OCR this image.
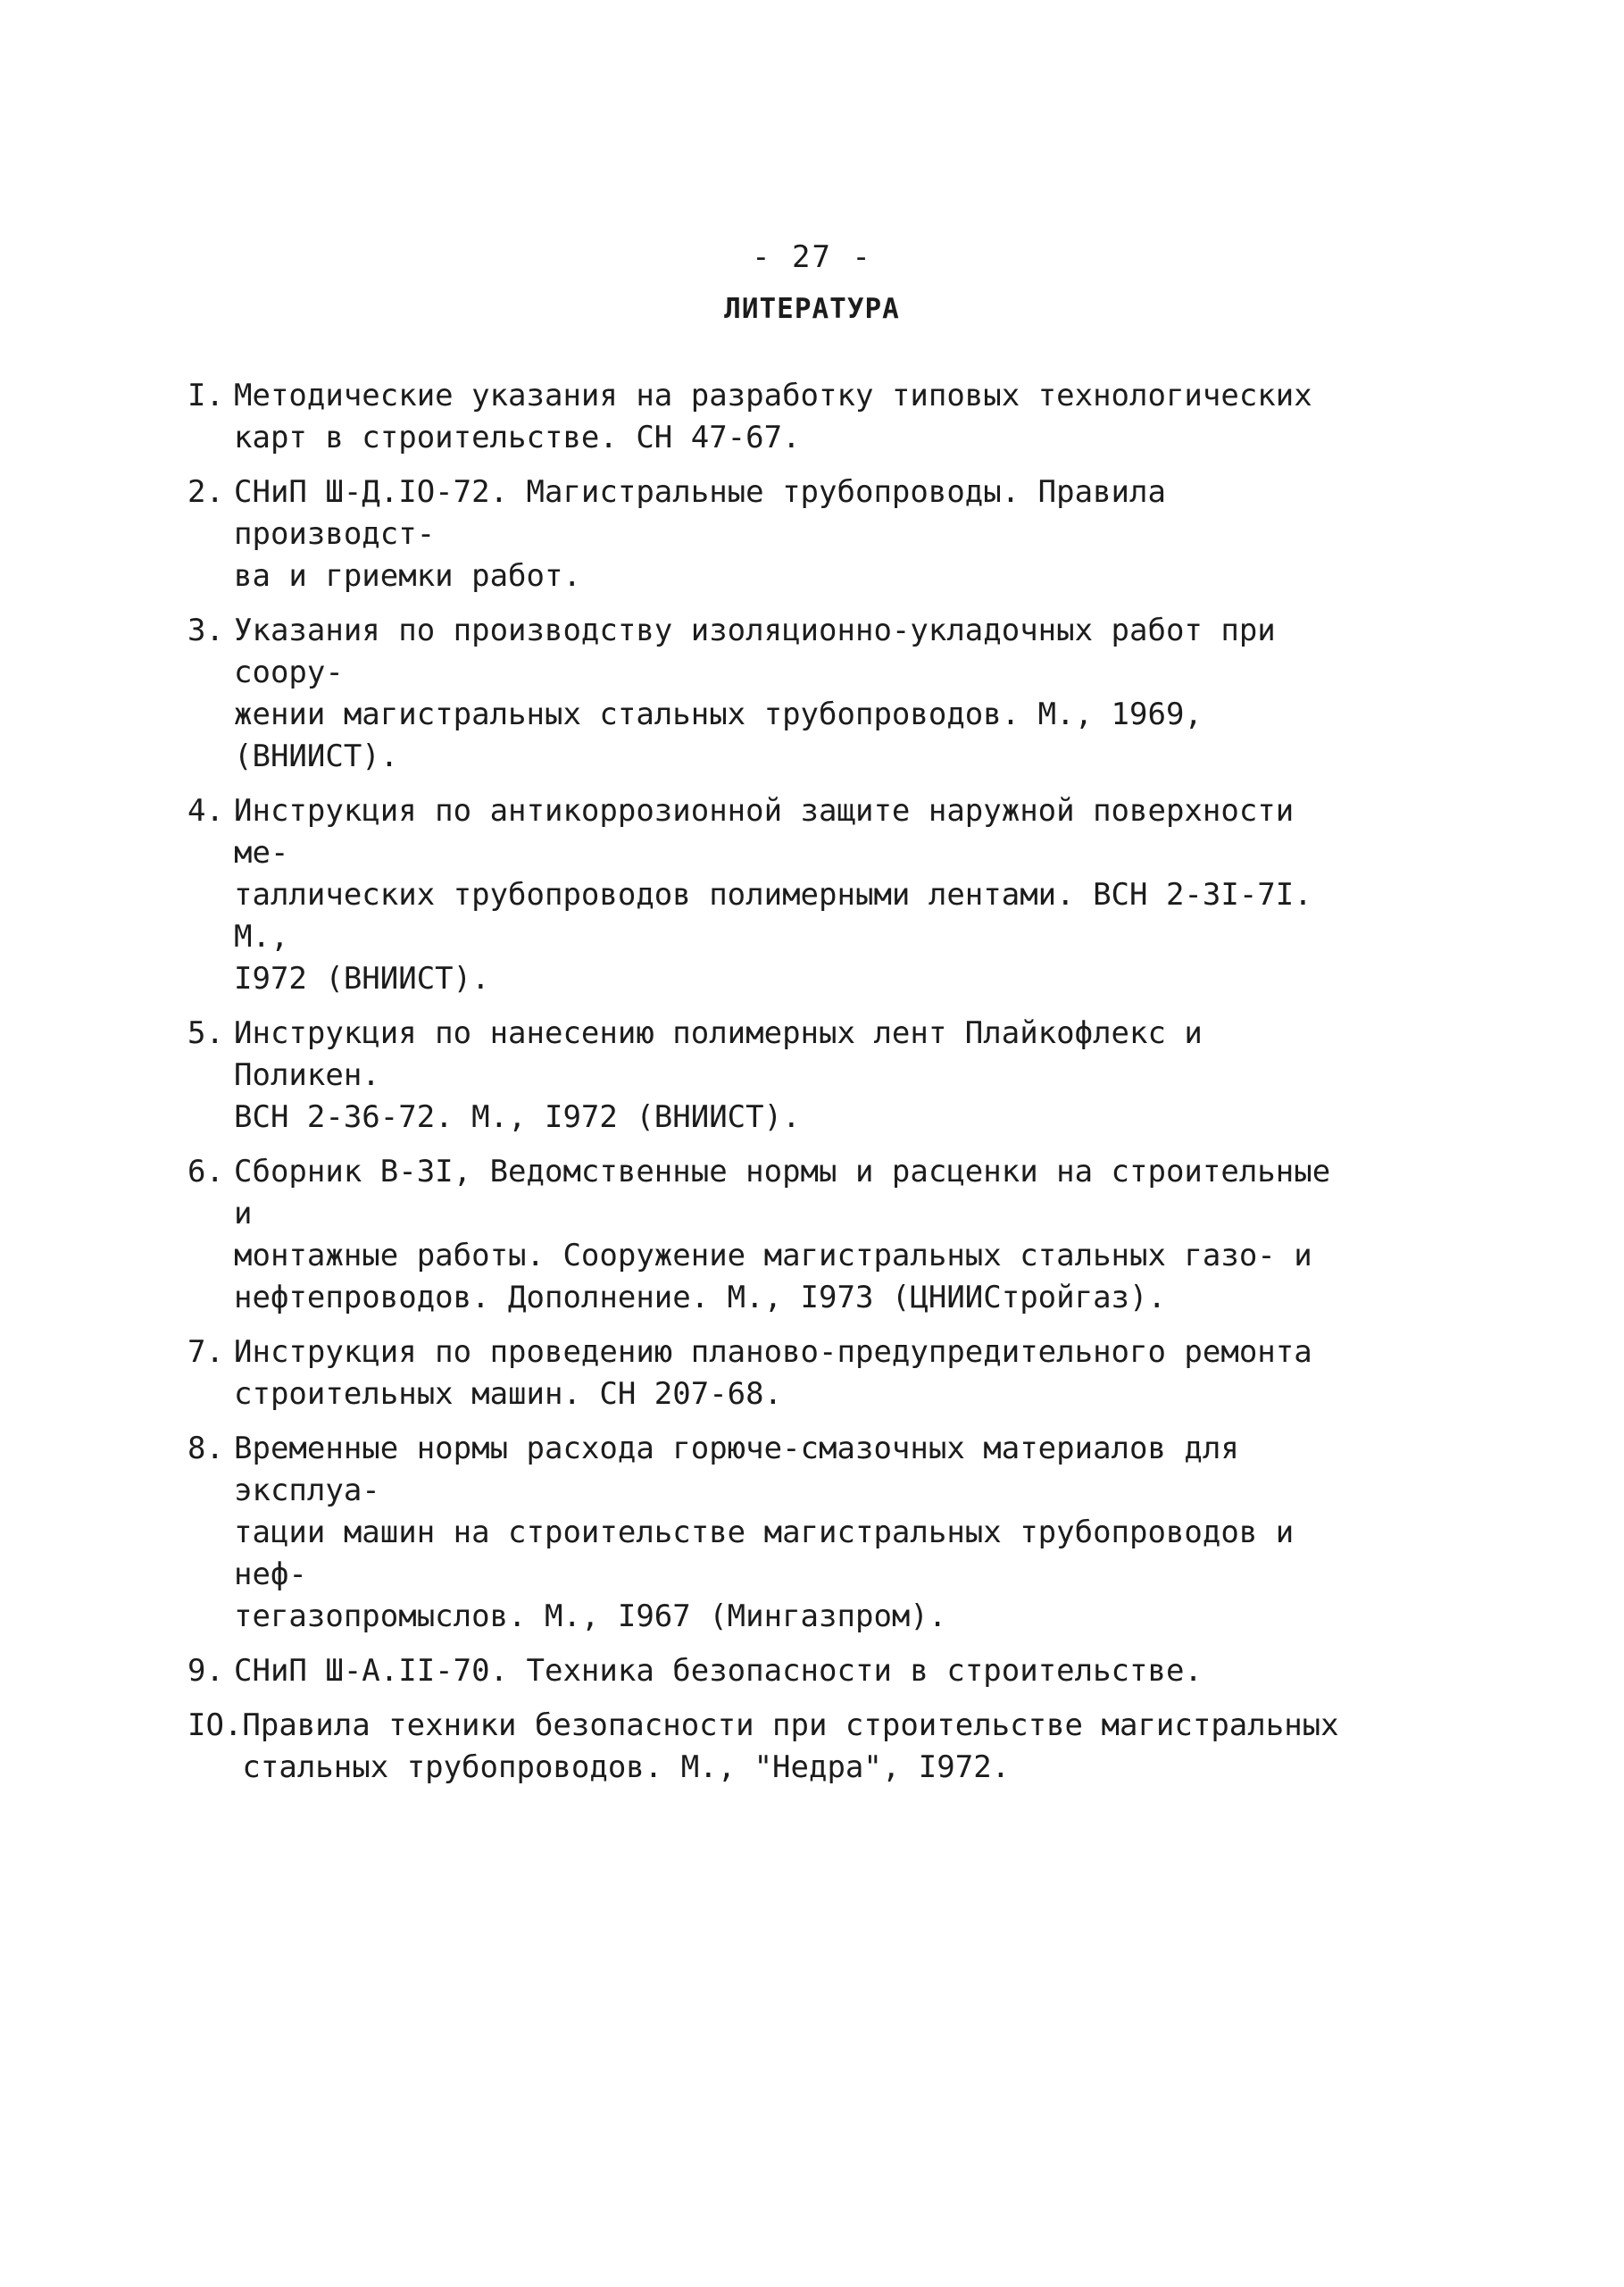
- 27 -
ЛИТЕРАТУРА
I. Методические указания на разработку типовых технологических
карт в строительстве. СН 47-67.
2. СНиП Ш-Д.IO-72. Магистральные трубопроводы. Правила производст-
ва и гриемки работ.
3. Указания по производству изоляционно-укладочных работ при соору-
жении магистральных стальных трубопроводов. М., 1969, (ВНИИСТ).
4. Инструкция по антикоррозионной защите наружной поверхности ме-
таллических трубопроводов полимерными лентами. ВСН 2-3I-7I. М.,
I972 (ВНИИСТ).
5. Инструкция по нанесению полимерных лент Плайкофлекс и Поликен.
ВСН 2-36-72. М., I972 (ВНИИСТ).
6. Сборник В-3I, Ведомственные нормы и расценки на строительные и
монтажные работы. Сооружение магистральных стальных газо- и
нефтепроводов. Дополнение. М., I973 (ЦНИИСтройгаз).
7. Инструкция по проведению планово-предупредительного ремонта
строительных машин. СН 207-68.
8. Временные нормы расхода горюче-смазочных материалов для эксплуа-
тации машин на строительстве магистральных трубопроводов и неф-
тегазопромыслов. М., I967 (Мингазпром).
9. СНиП Ш-А.II-70. Техника безопасности в строительстве.
IO. Правила техники безопасности при строительстве магистральных
стальных трубопроводов. М., "Недра", I972.
